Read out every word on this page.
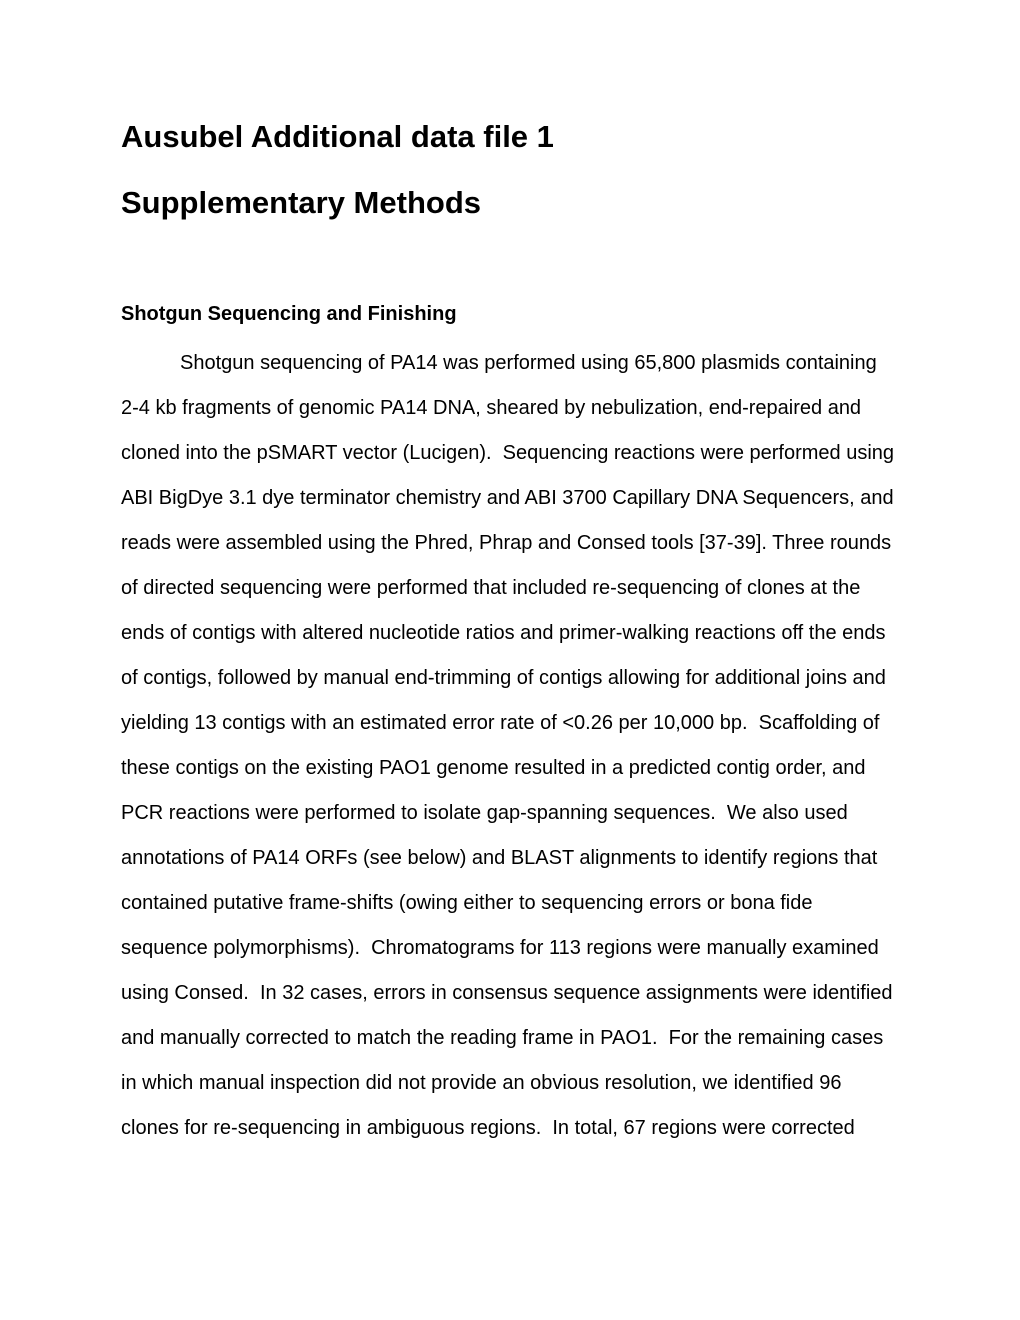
Ausubel Additional data file 1
Supplementary Methods
Shotgun Sequencing and Finishing
Shotgun sequencing of PA14 was performed using 65,800 plasmids containing
2-4 kb fragments of genomic PA14 DNA, sheared by nebulization, end-repaired and
cloned into the pSMART vector (Lucigen).  Sequencing reactions were performed using
ABI BigDye 3.1 dye terminator chemistry and ABI 3700 Capillary DNA Sequencers, and
reads were assembled using the Phred, Phrap and Consed tools [37-39]. Three rounds
of directed sequencing were performed that included re-sequencing of clones at the
ends of contigs with altered nucleotide ratios and primer-walking reactions off the ends
of contigs, followed by manual end-trimming of contigs allowing for additional joins and
yielding 13 contigs with an estimated error rate of <0.26 per 10,000 bp.  Scaffolding of
these contigs on the existing PAO1 genome resulted in a predicted contig order, and
PCR reactions were performed to isolate gap-spanning sequences.  We also used
annotations of PA14 ORFs (see below) and BLAST alignments to identify regions that
contained putative frame-shifts (owing either to sequencing errors or bona fide
sequence polymorphisms).  Chromatograms for 113 regions were manually examined
using Consed.  In 32 cases, errors in consensus sequence assignments were identified
and manually corrected to match the reading frame in PAO1.  For the remaining cases
in which manual inspection did not provide an obvious resolution, we identified 96
clones for re-sequencing in ambiguous regions.  In total, 67 regions were corrected
